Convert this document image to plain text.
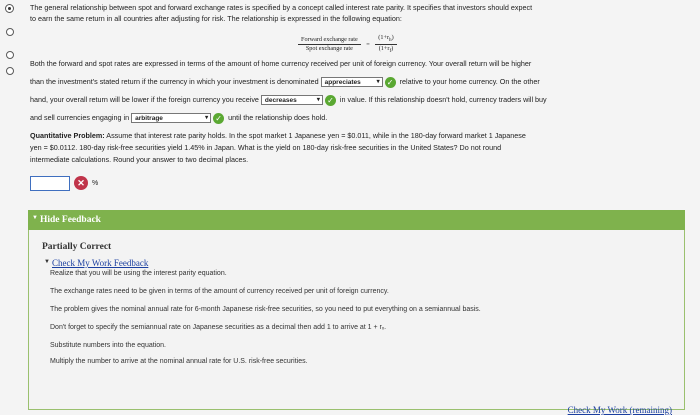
The general relationship between spot and forward exchange rates is specified by a concept called interest rate parity. It specifies that investors should expect
to earn the same return in all countries after adjusting for risk. The relationship is expressed in the following equation:
$\frac{\text{Forward exchange rate}}{\text{Spot exchange rate}} = \frac{(1+r_h)}{(1+r_f)}$
Both the forward and spot rates are expressed in terms of the amount of home currency received per unit of foreign currency. Your overall return will be higher
than the investment's stated return if the currency in which your investment is denominated appreciates	▾ ✓ relative to your home currency. On the other
hand, your overall return will be lower if the foreign currency you receive decreases	▾ ✓ in value. If this relationship doesn't hold, currency traders will buy
and sell currencies engaging in arbitrage	▾ ✓ until the relationship does hold.
Quantitative Problem: Assume that interest rate parity holds. In the spot market 1 Japanese yen = $0.011, while in the 180-day forward market 1 Japanese
yen = $0.0112. 180-day risk-free securities yield 1.45% in Japan. What is the yield on 180-day risk-free securities in the United States? Do not round
intermediate calculations. Round your answer to two decimal places.
✕	%
▼ Hide Feedback
Check My Work (remaining)
Partially Correct
▼ Check My Work Feedback
Realize that you will be using the interest parity equation.
The exchange rates need to be given in terms of the amount of currency received per unit of foreign currency.
The problem gives the nominal annual rate for 6-month Japanese risk-free securities, so you need to put everything on a semiannual basis.
Don't forget to specify the semiannual rate on Japanese securities as a decimal then add 1 to arrive at 1 + rₓ.
Substitute numbers into the equation.
Multiply the number to arrive at the nominal annual rate for U.S. risk-free securities.
